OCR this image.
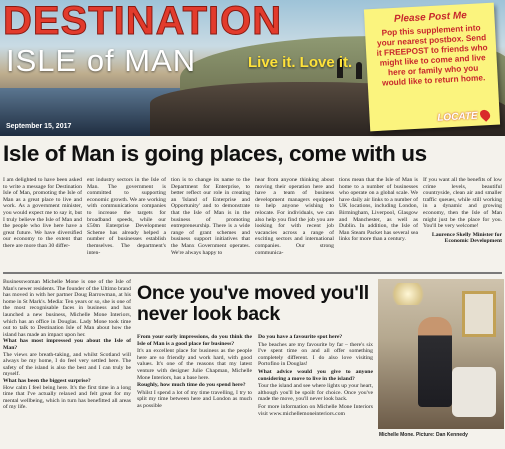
DESTINATION
ISLE of MAN	Live it. Love it.
September 15, 2017
Please Post Me
Pop this supplement into your nearest postbox. Send it FREEPOST to friends who might like to come and live here or family who you would like to return home.
LOCATE
Isle of Man is going places, come with us

I am delighted to have been asked to write a message for Destination Isle of Man, promoting the Isle of Man as a great place to live and work. As a government minister, you would expect me to say it, but I truly believe the Isle of Man and the people who live here have a great future. We have diversified our economy to the extent that there are more than 30 differ-

ent industry sectors in the Isle of Man. The government is committed to supporting economic growth. We are working with communications companies to increase the targets for broadband speeds, while our £50m Enterprise Development Scheme has already helped a number of businesses establish themselves. The department's inten-

tion is to change its name to the Department for Enterprise, to better reflect our role in creating an 'Island of Enterprise and Opportunity' and to demonstrate that the Isle of Man is in the business of promoting entrepreneurship. There is a wide range of grant schemes and business support initiatives that the Manx Government operates. We're always happy to

hear from anyone thinking about moving their operation here and have a team of business development managers equipped to help anyone wishing to relocate. For individuals, we can also help you find the job you are looking for with recent job vacancies across a range of exciting sectors and international companies. Our strong communica-

tions mean that the Isle of Man is home to a number of businesses who operate on a global scale. We have daily air links to a number of UK locations, including London, Birmingham, Liverpool, Glasgow and Manchester, as well as Dublin. In addition, the Isle of Man Steam Packet has several sea links for more than a century.

If you want all the benefits of low crime levels, beautiful countryside, clean air and smaller traffic queues, while still working in a dynamic and growing economy, then the Isle of Man might just be the place for you. You'll be very welcome!

Laurence Skelly Minister for Economic Development

Businesswoman Michelle Mone is one of the Isle of Man's newer residents. The founder of the Ultimo brand has moved in with her partner Doug Barrowman, at his home in St Mark's. Media: Ten years or so, she is one of the most recognisable faces in business and has launched a new business, Michelle Mone Interiors, which has an office in Douglas. Lady Mone took time out to talk to Destination Isle of Man about how the island has made an impact upon her.

What has most impressed you about the Isle of Man?

The views are breath-taking, and whilst Scotland will always be my home, I do feel very settled here. The safety of the island is also the best and I can truly be myself.

What has been the biggest surprise?

How calm I feel being here. It's the first time in a long time that I've actually relaxed and felt great for my mental wellbeing, which in turn has benefitted all areas of my life.

Once you've moved you'll never look back

From your early impressions, do you think the Isle of Man is a good place for business?

It's an excellent place for business as the people here are so friendly and work hard, with good values. It's one of the reasons that my latest venture with designer Julie Chapman, Michelle Mone Interiors, has a base here.

Roughly, how much time do you spend here?

Whilst I spend a lot of my time travelling, I try to split my time between here and London as much as possible

Do you have a favourite spot here?

The beaches are my favourite by far – there's six I've spent time on and all offer something completely different. I do also love visiting Portofino in Douglas!

What advice would you give to anyone considering a move to live in the island?

Tour the island and see where lights up your heart, although you'll be spoilt for choice. Once you've made the move, you'll never look back.

For more information on Michelle Mone Interiors visit www.michellemoneinteriors.com

Michelle Mone. Picture: Dan Kennedy
